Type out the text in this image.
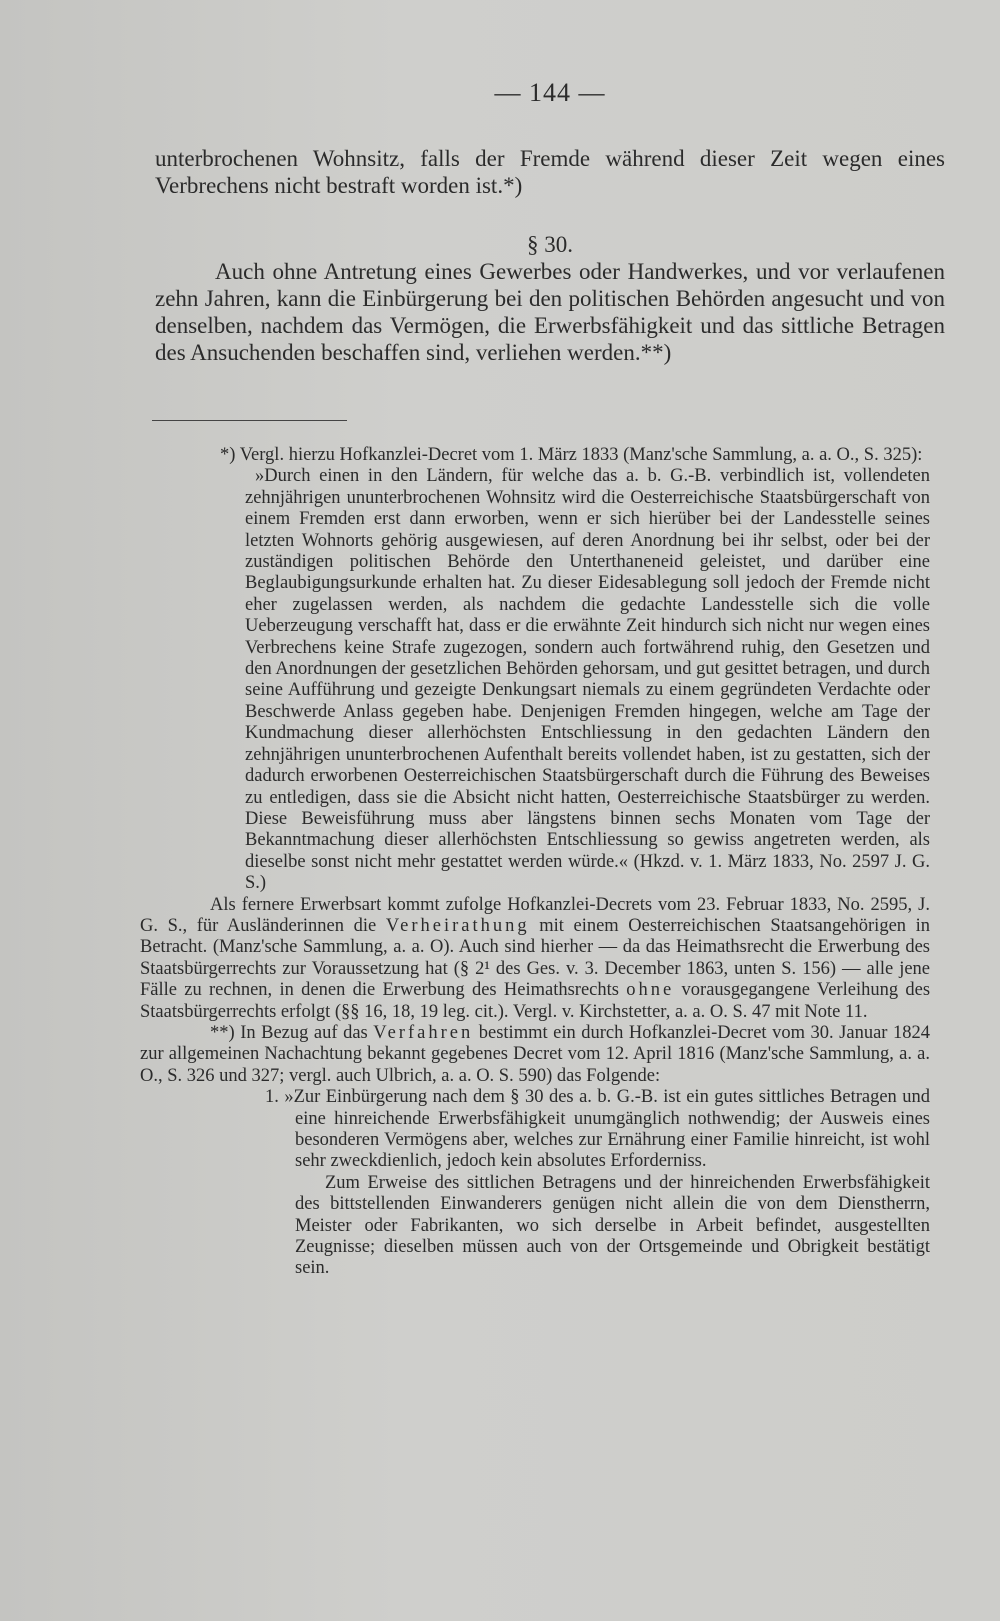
— 144 —

unterbrochenen Wohnsitz, falls der Fremde während dieser Zeit wegen eines Verbrechens nicht bestraft worden ist.*)

§ 30.

Auch ohne Antretung eines Gewerbes oder Handwerkes, und vor verlaufenen zehn Jahren, kann die Einbürgerung bei den politischen Behörden angesucht und von denselben, nachdem das Vermögen, die Erwerbsfähigkeit und das sittliche Betragen des Ansuchenden beschaffen sind, verliehen werden.**)

*) Vergl. hierzu Hofkanzlei-Decret vom 1. März 1833 (Manz'sche Sammlung, a. a. O., S. 325):

»Durch einen in den Ländern, für welche das a. b. G.-B. verbindlich ist, vollendeten zehnjährigen ununterbrochenen Wohnsitz wird die Oesterreichische Staatsbürgerschaft von einem Fremden erst dann erworben, wenn er sich hierüber bei der Landesstelle seines letzten Wohnorts gehörig ausgewiesen, auf deren Anordnung bei ihr selbst, oder bei der zuständigen politischen Behörde den Unterthaneneid geleistet, und darüber eine Beglaubigungsurkunde erhalten hat. Zu dieser Eidesablegung soll jedoch der Fremde nicht eher zugelassen werden, als nachdem die gedachte Landesstelle sich die volle Ueberzeugung verschafft hat, dass er die erwähnte Zeit hindurch sich nicht nur wegen eines Verbrechens keine Strafe zugezogen, sondern auch fortwährend ruhig, den Gesetzen und den Anordnungen der gesetzlichen Behörden gehorsam, und gut gesittet betragen, und durch seine Aufführung und gezeigte Denkungsart niemals zu einem gegründeten Verdachte oder Beschwerde Anlass gegeben habe. Denjenigen Fremden hingegen, welche am Tage der Kundmachung dieser allerhöchsten Entschliessung in den gedachten Ländern den zehnjährigen ununterbrochenen Aufenthalt bereits vollendet haben, ist zu gestatten, sich der dadurch erworbenen Oesterreichischen Staatsbürgerschaft durch die Führung des Beweises zu entledigen, dass sie die Absicht nicht hatten, Oesterreichische Staatsbürger zu werden. Diese Beweisführung muss aber längstens binnen sechs Monaten vom Tage der Bekanntmachung dieser allerhöchsten Entschliessung so gewiss angetreten werden, als dieselbe sonst nicht mehr gestattet werden würde.« (Hkzd. v. 1. März 1833, No. 2597 J. G. S.)

Als fernere Erwerbsart kommt zufolge Hofkanzlei-Decrets vom 23. Februar 1833, No. 2595, J. G. S., für Ausländerinnen die Verheirathung mit einem Oesterreichischen Staatsangehörigen in Betracht. (Manz'sche Sammlung, a. a. O). Auch sind hierher — da das Heimathsrecht die Erwerbung des Staatsbürgerrechts zur Voraussetzung hat (§ 2¹ des Ges. v. 3. December 1863, unten S. 156) — alle jene Fälle zu rechnen, in denen die Erwerbung des Heimathsrechts ohne vorausgegangene Verleihung des Staatsbürgerrechts erfolgt (§§ 16, 18, 19 leg. cit.). Vergl. v. Kirchstetter, a. a. O. S. 47 mit Note 11.

**) In Bezug auf das Verfahren bestimmt ein durch Hofkanzlei-Decret vom 30. Januar 1824 zur allgemeinen Nachachtung bekannt gegebenes Decret vom 12. April 1816 (Manz'sche Sammlung, a. a. O., S. 326 und 327; vergl. auch Ulbrich, a. a. O. S. 590) das Folgende:

1. »Zur Einbürgerung nach dem § 30 des a. b. G.-B. ist ein gutes sittliches Betragen und eine hinreichende Erwerbsfähigkeit unumgänglich nothwendig; der Ausweis eines besonderen Vermögens aber, welches zur Ernährung einer Familie hinreicht, ist wohl sehr zweckdienlich, jedoch kein absolutes Erforderniss.

Zum Erweise des sittlichen Betragens und der hinreichenden Erwerbsfähigkeit des bittstellenden Einwanderers genügen nicht allein die von dem Dienstherrn, Meister oder Fabrikanten, wo sich derselbe in Arbeit befindet, ausgestellten Zeugnisse; dieselben müssen auch von der Ortsgemeinde und Obrigkeit bestätigt sein.
